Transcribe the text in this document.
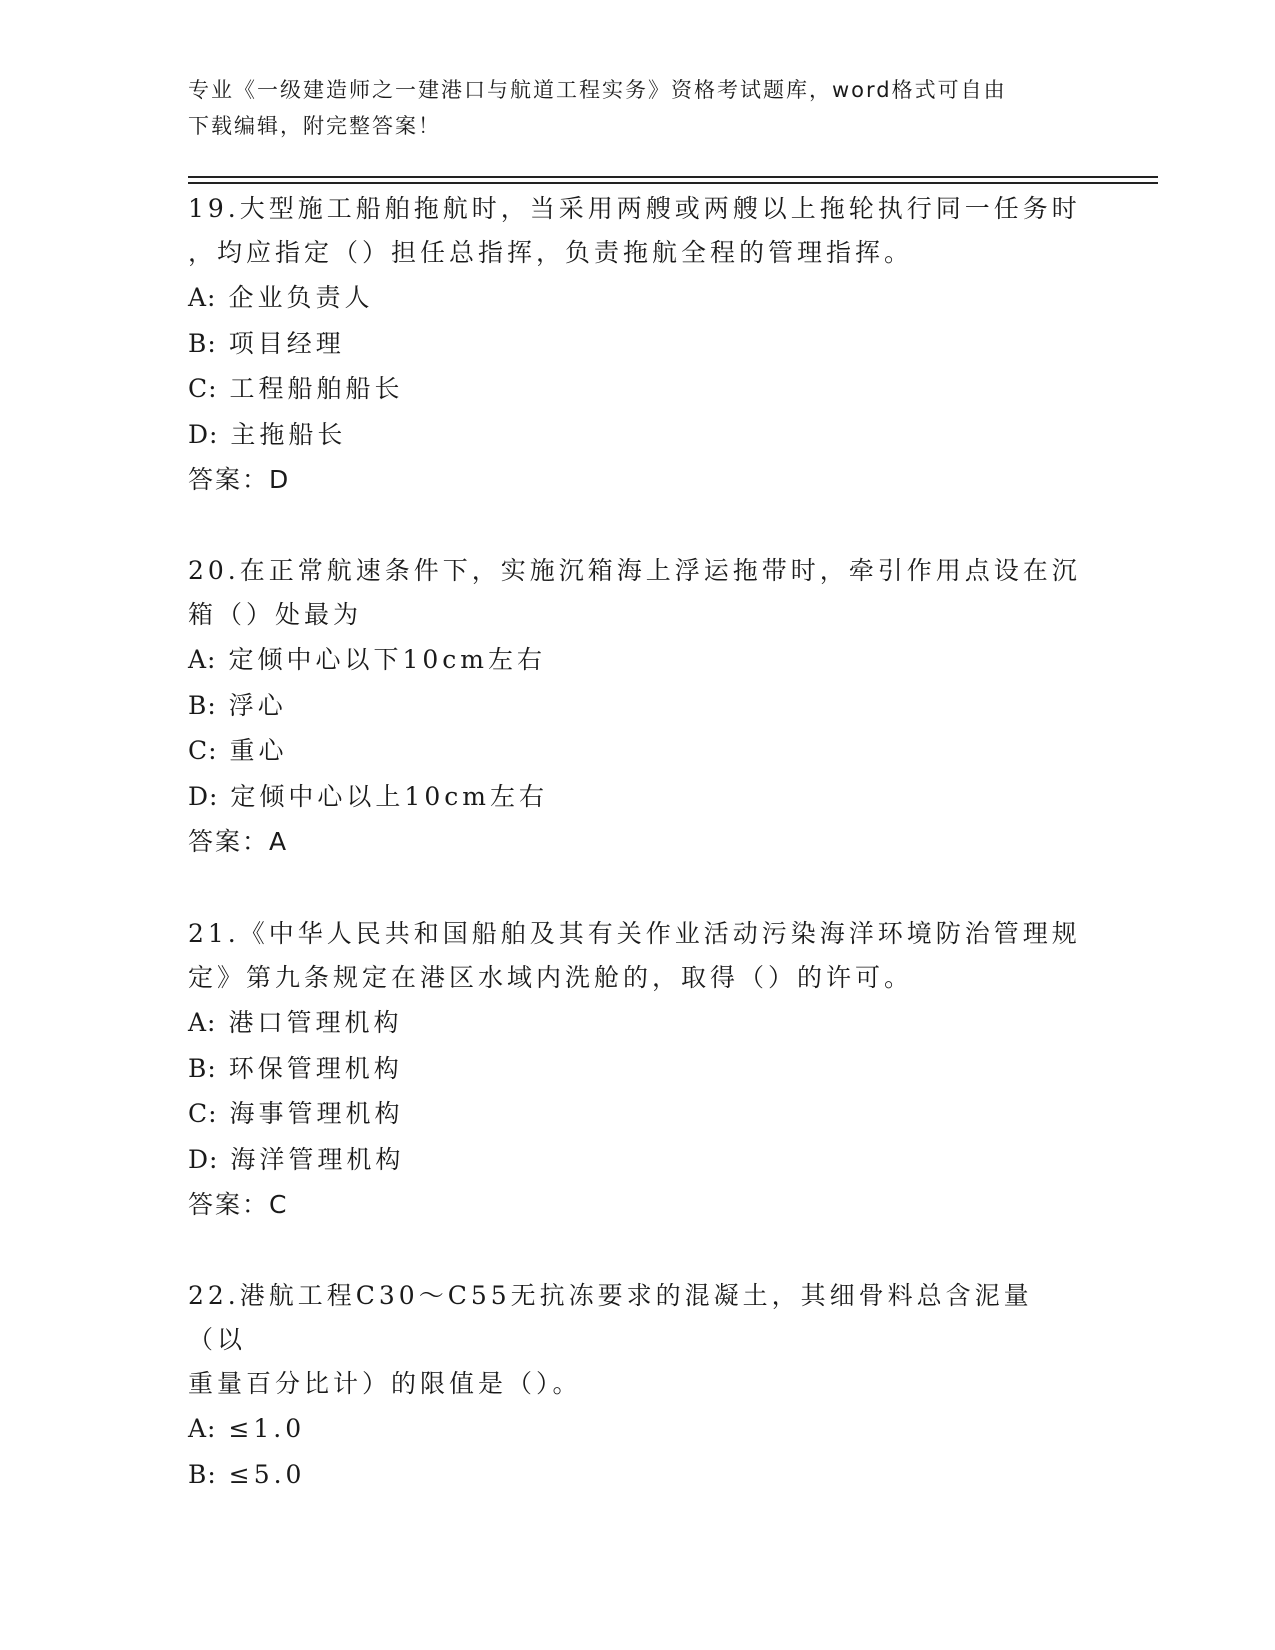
专业《一级建造师之一建港口与航道工程实务》资格考试题库，word格式可自由
下载编辑，附完整答案！
19.大型施工船舶拖航时，当采用两艘或两艘以上拖轮执行同一任务时
，均应指定（）担任总指挥，负责拖航全程的管理指挥。
A: 企业负责人
B: 项目经理
C: 工程船舶船长
D: 主拖船长
答案：D
20.在正常航速条件下，实施沉箱海上浮运拖带时，牵引作用点设在沉
箱（）处最为
A: 定倾中心以下10cm左右
B: 浮心
C: 重心
D: 定倾中心以上10cm左右
答案：A
21.《中华人民共和国船舶及其有关作业活动污染海洋环境防治管理规
定》第九条规定在港区水域内洗舱的，取得（）的许可。
A: 港口管理机构
B: 环保管理机构
C: 海事管理机构
D: 海洋管理机构
答案：C
22.港航工程C30～C55无抗冻要求的混凝土，其细骨料总含泥量（以
重量百分比计）的限值是（）。
A: ≤1.0
B: ≤5.0
